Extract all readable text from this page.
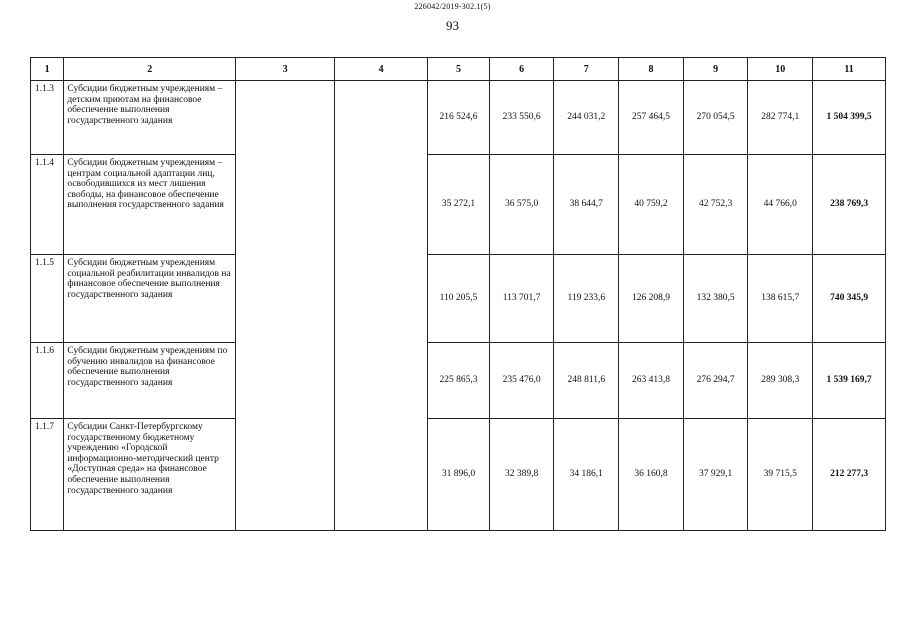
226042/2019-302.1(5)
93
1	2	3	4	5	6	7	8	9	10	11
1.1.3	Субсидии бюджетным учреждениям – детским приютам на финансовое обеспечение выполнения государственного задания			216 524,6	233 550,6	244 031,2	257 464,5	270 054,5	282 774,1	1 504 399,5
1.1.4	Субсидии бюджетным учреждениям – центрам социальной адаптации лиц, освободившихся из мест лишения свободы, на финансовое обеспечение выполнения государственного задания			35 272,1	36 575,0	38 644,7	40 759,2	42 752,3	44 766,0	238 769,3
1.1.5	Субсидии бюджетным учреждениям социальной реабилитации инвалидов на финансовое обеспечение выполнения государственного задания			110 205,5	113 701,7	119 233,6	126 208,9	132 380,5	138 615,7	740 345,9
1.1.6	Субсидии бюджетным учреждениям по обучению инвалидов на финансовое обеспечение выполнения государственного задания			225 865,3	235 476,0	248 811,6	263 413,8	276 294,7	289 308,3	1 539 169,7
1.1.7	Субсидии Санкт-Петербургскому государственному бюджетному учреждению «Городской информационно-методический центр «Доступная среда» на финансовое обеспечение выполнения государственного задания			31 896,0	32 389,8	34 186,1	36 160,8	37 929,1	39 715,5	212 277,3
